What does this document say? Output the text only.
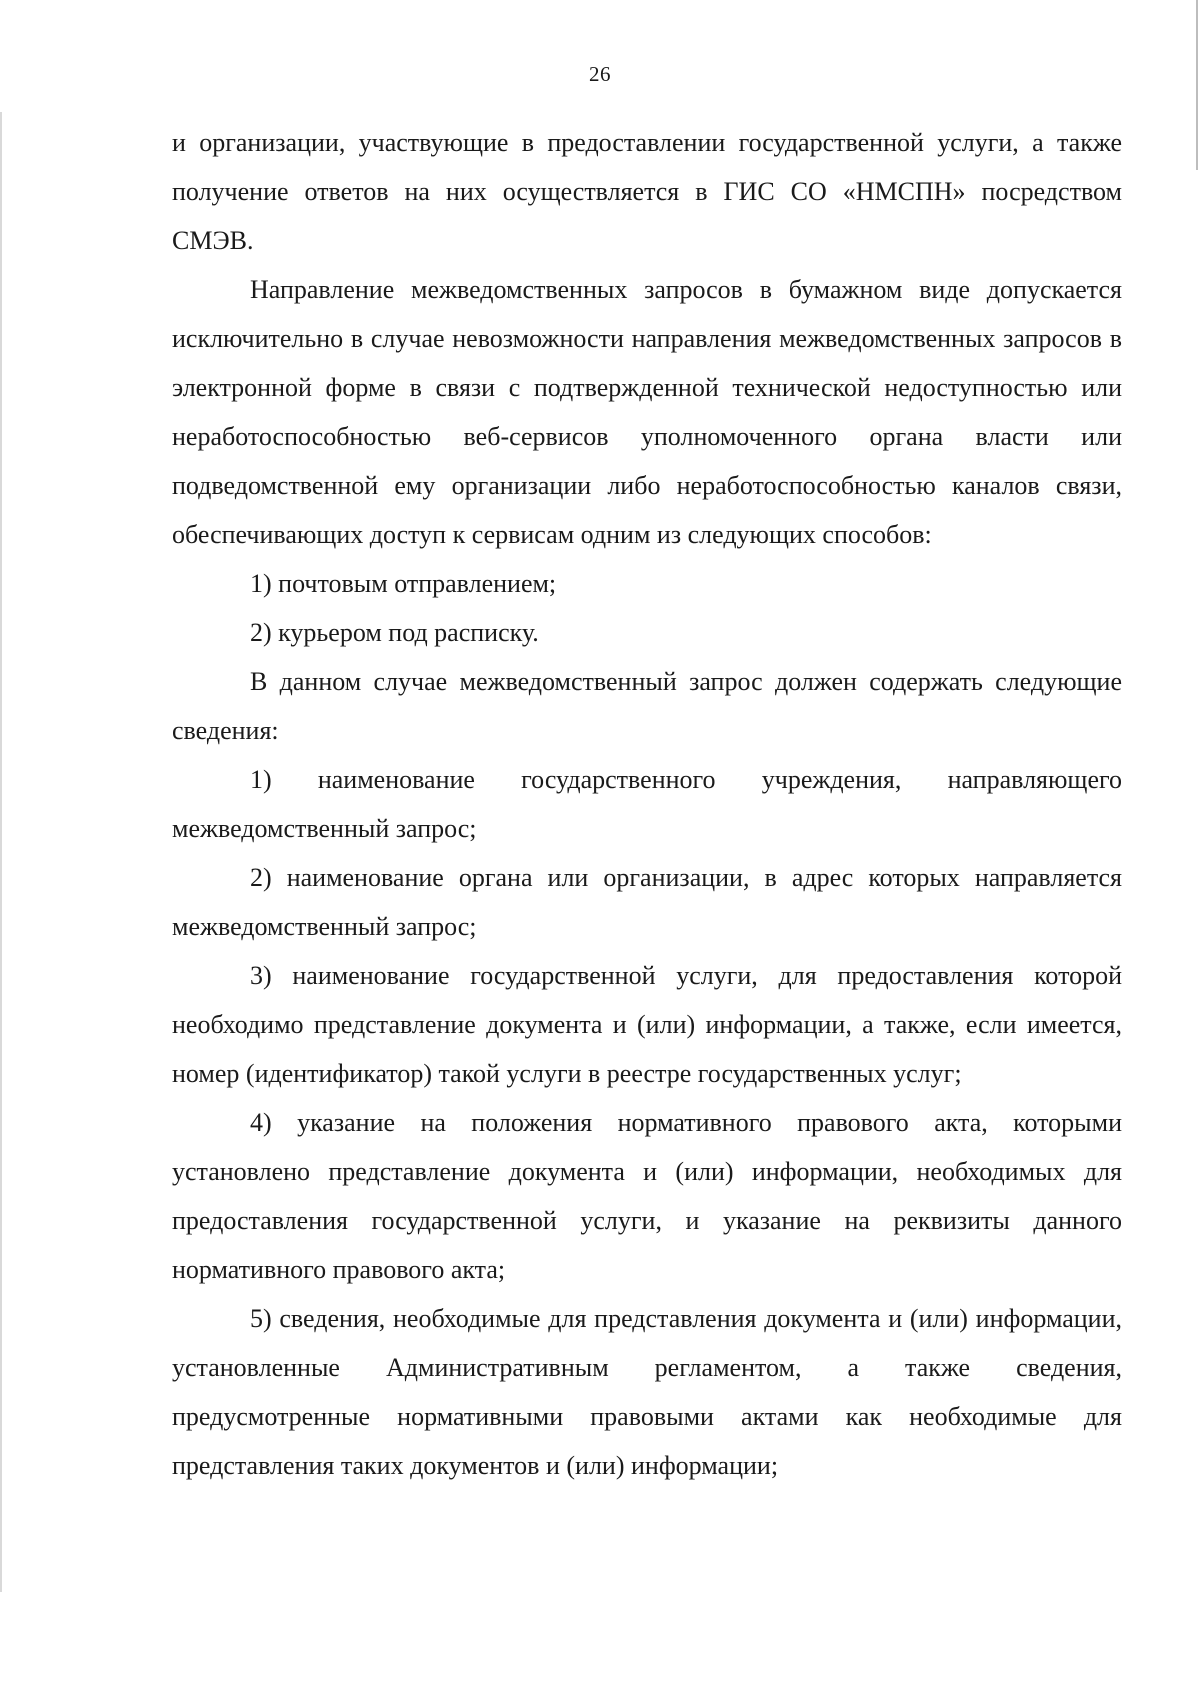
26

и организации, участвующие в предоставлении государственной услуги, а также получение ответов на них осуществляется в ГИС СО «НМСПН» посредством СМЭВ.

Направление межведомственных запросов в бумажном виде допускается исключительно в случае невозможности направления межведомственных запросов в электронной форме в связи с подтвержденной технической недоступностью или неработоспособностью веб-сервисов уполномоченного органа власти или подведомственной ему организации либо неработоспособностью каналов связи, обеспечивающих доступ к сервисам одним из следующих способов:

1) почтовым отправлением;

2) курьером под расписку.

В данном случае межведомственный запрос должен содержать следующие сведения:

1) наименование государственного учреждения, направляющего межведомственный запрос;

2) наименование органа или организации, в адрес которых направляется межведомственный запрос;

3) наименование государственной услуги, для предоставления которой необходимо представление документа и (или) информации, а также, если имеется, номер (идентификатор) такой услуги в реестре государственных услуг;

4) указание на положения нормативного правового акта, которыми установлено представление документа и (или) информации, необходимых для предоставления государственной услуги, и указание на реквизиты данного нормативного правового акта;

5) сведения, необходимые для представления документа и (или) информации, установленные Административным регламентом, а также сведения, предусмотренные нормативными правовыми актами как необходимые для представления таких документов и (или) информации;
